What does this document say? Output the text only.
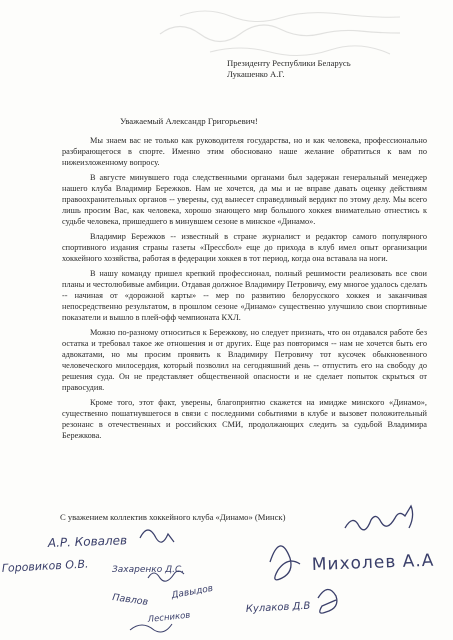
Президенту Республики Беларусь
Лукашенко А.Г.
Уважаемый Александр Григорьевич!

Мы знаем вас не только как руководителя государства, но и как человека, профессионально разбирающегося в спорте. Именно этим обосновано наше желание обратиться к вам по нижеизложенному вопросу.

В августе минувшего года следственными органами был задержан генеральный менеджер нашего клуба Владимир Бережков. Нам не хочется, да мы и не вправе давать оценку действиям правоохранительных органов -- уверены, суд вынесет справедливый вердикт по этому делу. Мы всего лишь просим Вас, как человека, хорошо знающего мир большого хоккея внимательно отнестись к судьбе человека, пришедшего в минувшем сезоне в минское «Динамо».

Владимир Бережков -- известный в стране журналист и редактор самого популярного спортивного издания страны газеты «Прессбол» еще до прихода в клуб имел опыт организации хоккейного хозяйства, работая в федерации хоккея в тот период, когда она вставала на ноги.

В нашу команду пришел крепкий профессионал, полный решимости реализовать все свои планы и честолюбивые амбиции. Отдавая должное Владимиру Петровичу, ему многое удалось сделать -- начиная от «дорожной карты» -- мер по развитию белорусского хоккея и заканчивая непосредственно результатом, в прошлом сезоне «Динамо» существенно улучшило свои спортивные показатели и вышло в плей-офф чемпионата КХЛ.

Можно по-разному относиться к Бережкову, но следует признать, что он отдавался работе без остатка и требовал такое же отношения и от других. Еще раз повторимся -- нам не хочется быть его адвокатами, но мы просим проявить к Владимиру Петровичу тот кусочек обыкновенного человеческого милосердия, который позволил на сегодняшний день -- отпустить его на свободу до решения суда. Он не представляет общественной опасности и не сделает попыток скрыться от правосудия.

Кроме того, этот факт, уверены, благоприятно скажется на имидже минского «Динамо», существенно пошатнувшегося в связи с последними событиями в клубе и вызовет положительный резонанс в отечественных и российских СМИ, продолжающих следить за судьбой Владимира Бережкова.

С уважением коллектив хоккейного клуба «Динамо» (Минск)
А.Р. Ковалев
Горовиков О.В.	Захаренко Д.С.	Михолев А.А
Павлов Давыдов
Кулаков Д.В
Лесников
